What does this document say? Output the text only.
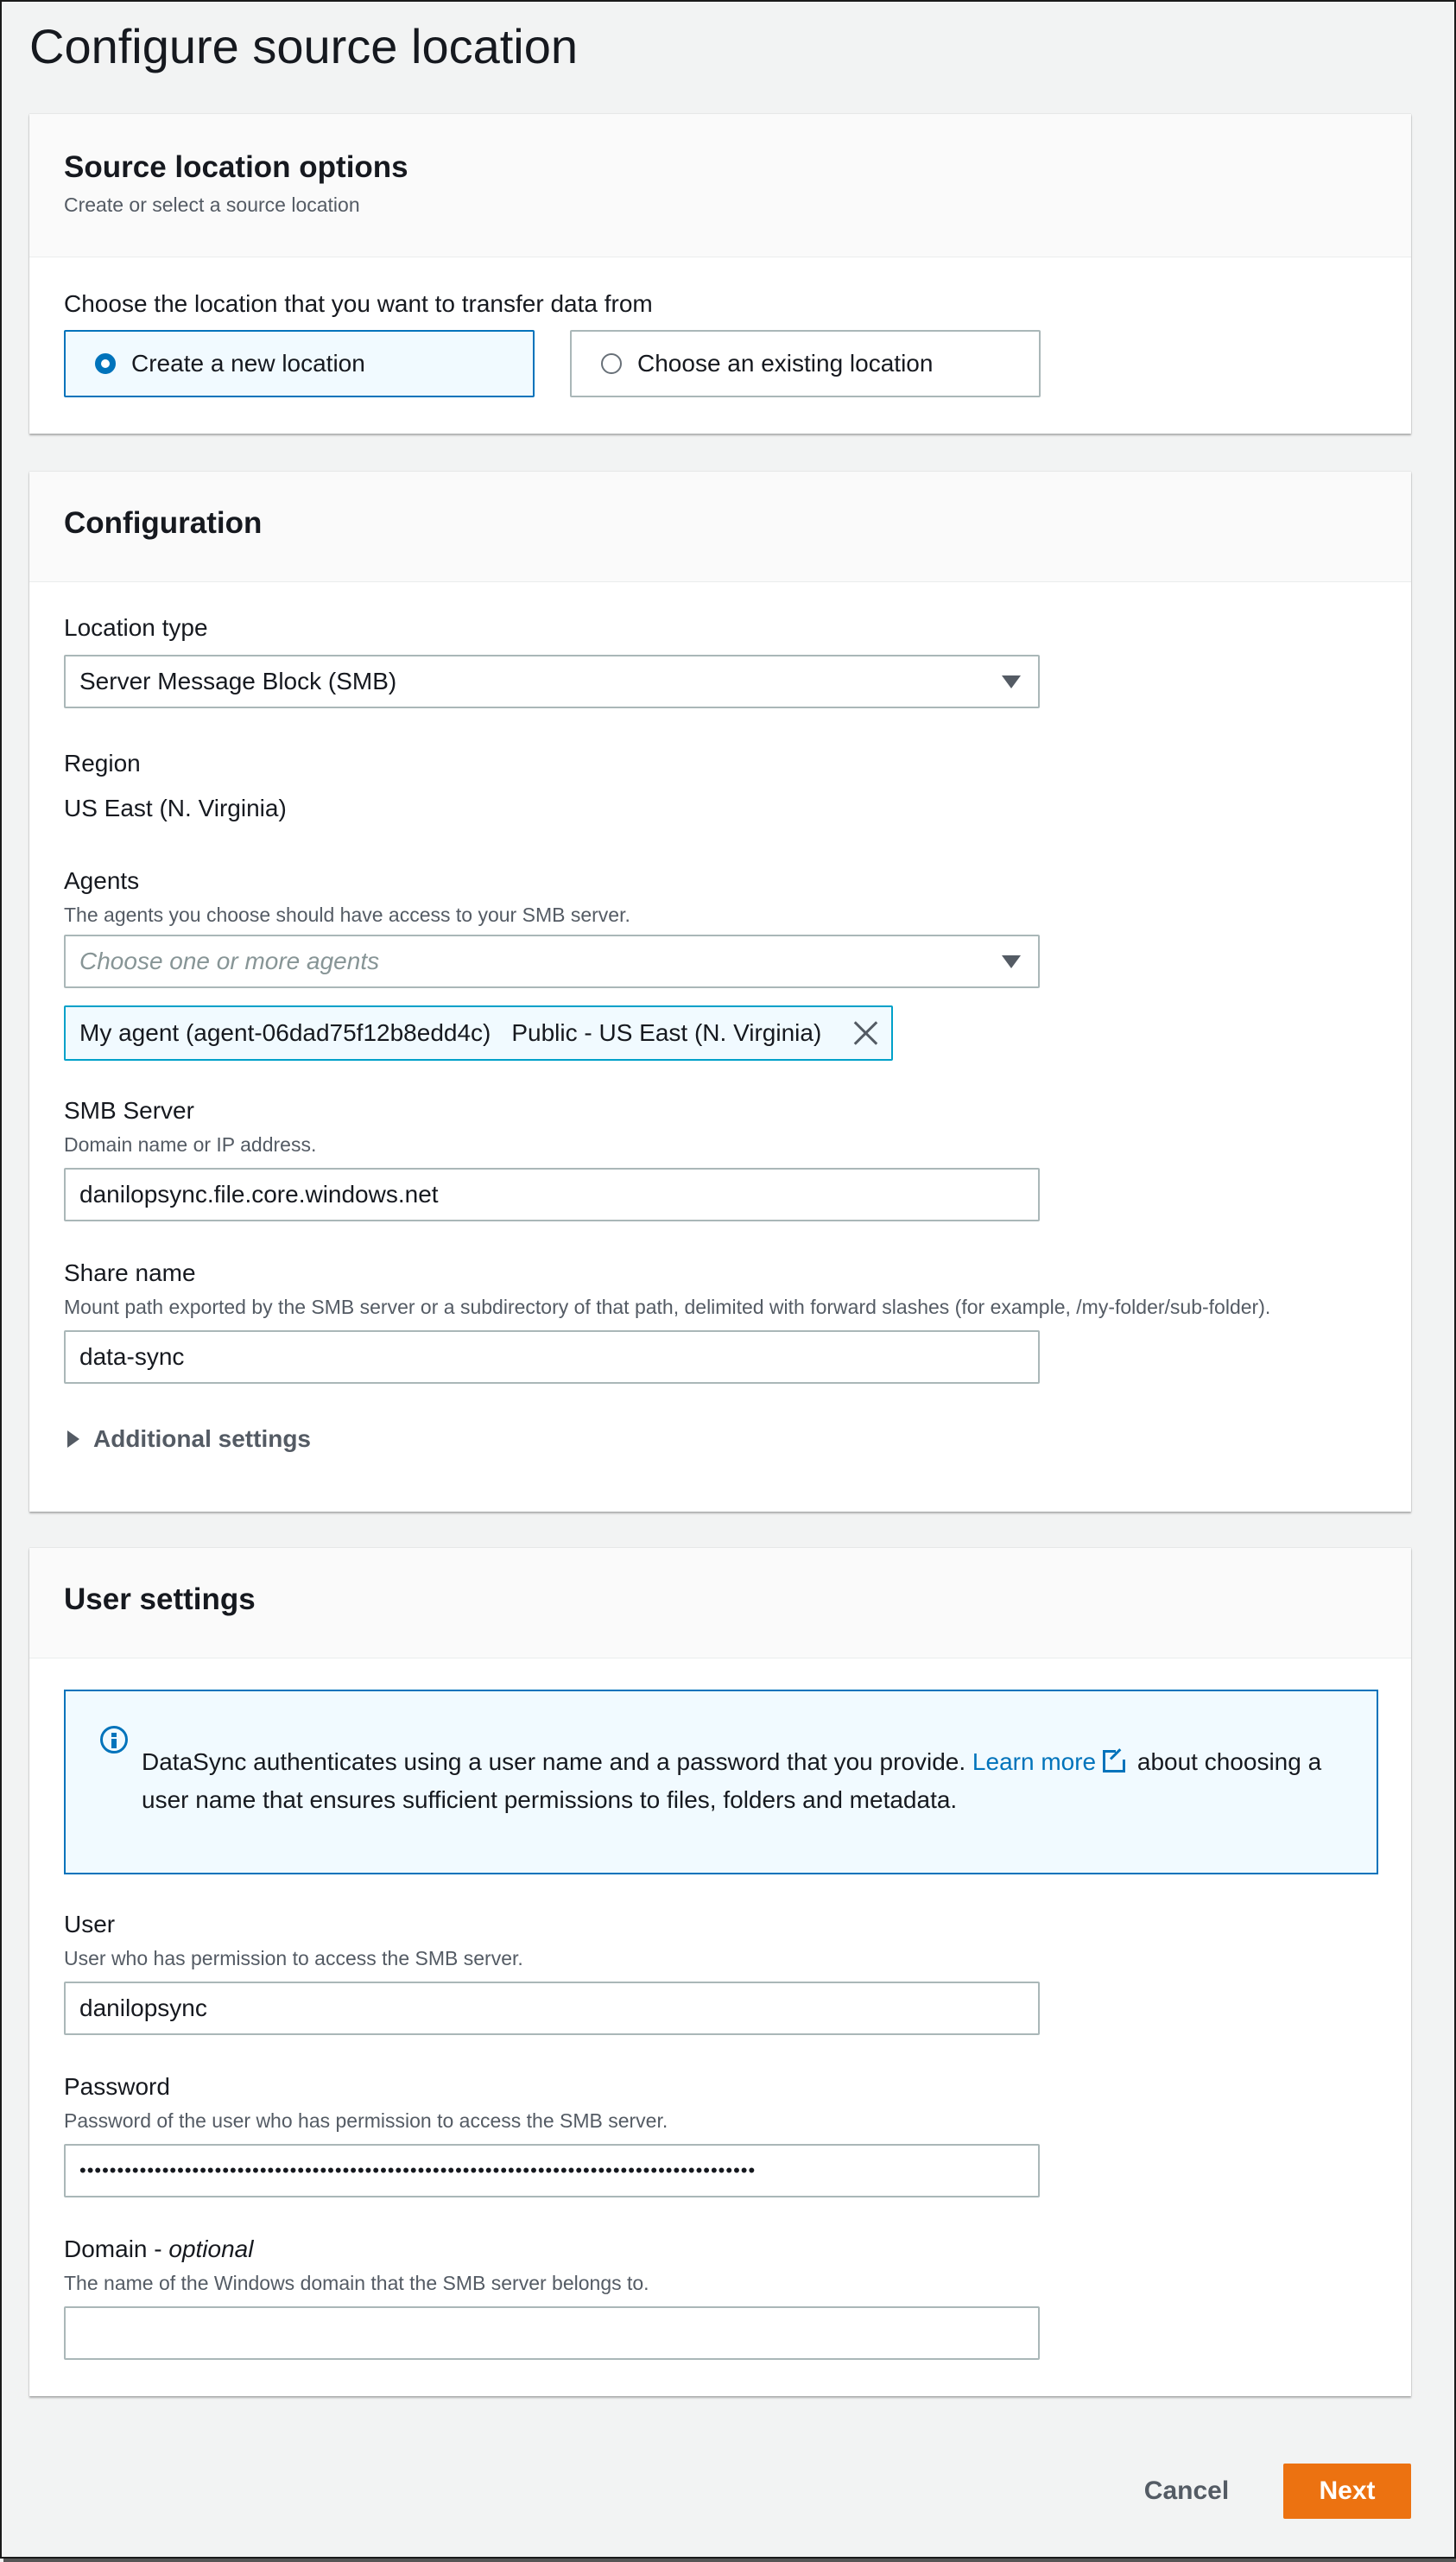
Configure source location
Source location options
Create or select a source location
Choose the location that you want to transfer data from
Create a new location	Choose an existing location
Configuration
Location type
Server Message Block (SMB)
Region
US East (N. Virginia)
Agents
The agents you choose should have access to your SMB server.
Choose one or more agents
My agent (agent-06dad75f12b8edd4c) Public - US East (N. Virginia)
SMB Server
Domain name or IP address.
danilopsync.file.core.windows.net
Share name
Mount path exported by the SMB server or a subdirectory of that path, delimited with forward slashes (for example, /my-folder/sub-folder).
data-sync
Additional settings
User settings
DataSync authenticates using a user name and a password that you provide. Learn more about choosing a user name that ensures sufficient permissions to files, folders and metadata.
User
User who has permission to access the SMB server.
danilopsync
Password
Password of the user who has permission to access the SMB server.
••••••••••••••••••••••••••••••••••••••••••••••••••••••••••••••••••••••••••••••••••••••••••
Domain - optional
The name of the Windows domain that the SMB server belongs to.
Cancel	Next
